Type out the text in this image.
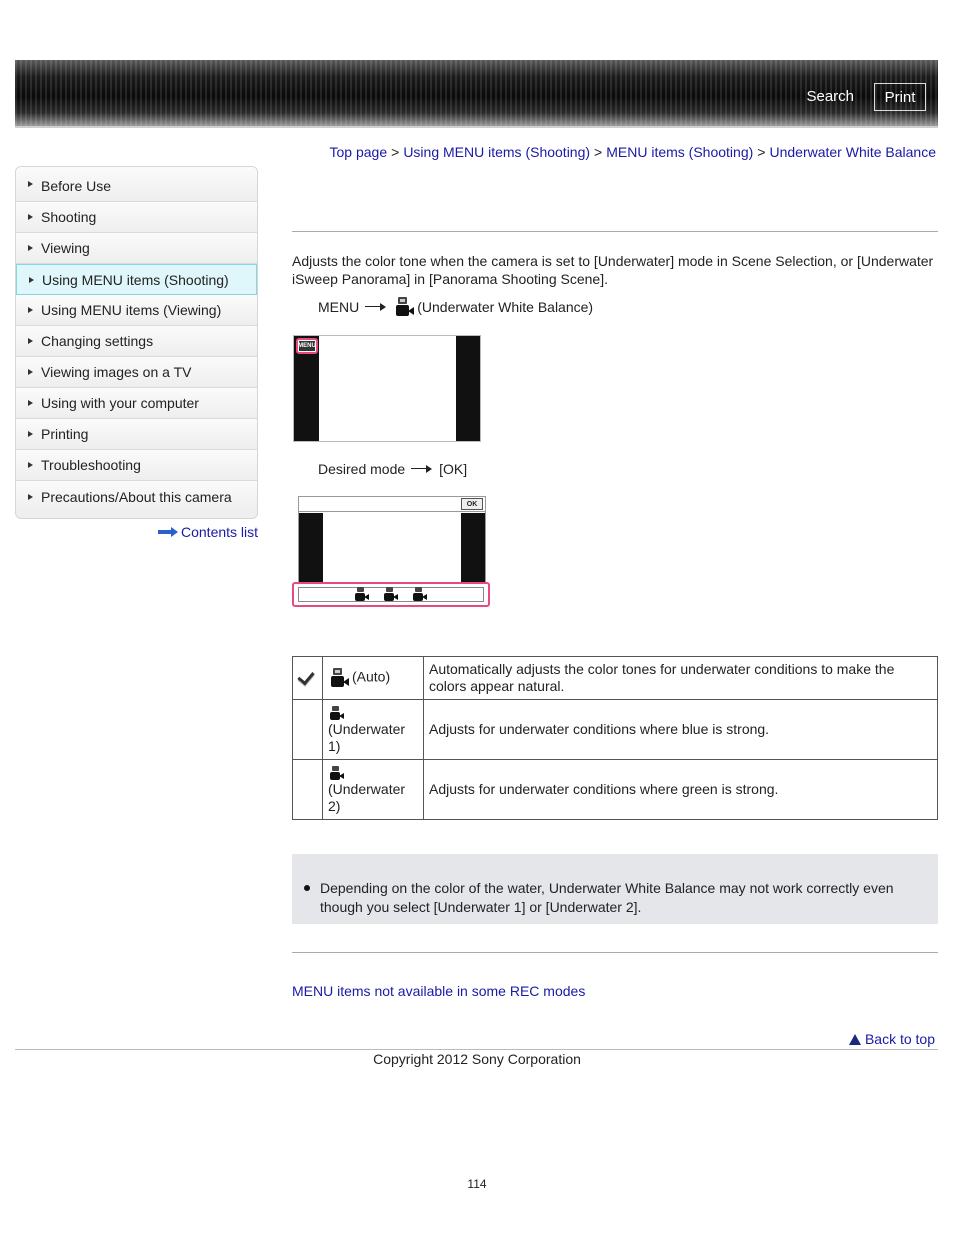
Search	Print
Top page > Using MENU items (Shooting) > MENU items (Shooting) > Underwater White Balance
Before Use
Shooting
Viewing
Using MENU items (Shooting)
Using MENU items (Viewing)
Changing settings
Viewing images on a TV
Using with your computer
Printing
Troubleshooting
Precautions/About this camera
Contents list
Adjusts the color tone when the camera is set to [Underwater] mode in Scene Selection, or [Underwater iSweep Panorama] in [Panorama Shooting Scene].
MENU	(Underwater White Balance)
MENU
Desired mode [OK]
OK

(Auto)	Automatically adjusts the color tones for underwater conditions to make the colors appear natural.

(Underwater 1)	Adjusts for underwater conditions where blue is strong.

(Underwater 2)	Adjusts for underwater conditions where green is strong.
Depending on the color of the water, Underwater White Balance may not work correctly even though you select [Underwater 1] or [Underwater 2].
MENU items not available in some REC modes
Back to top
Copyright 2012 Sony Corporation
114
